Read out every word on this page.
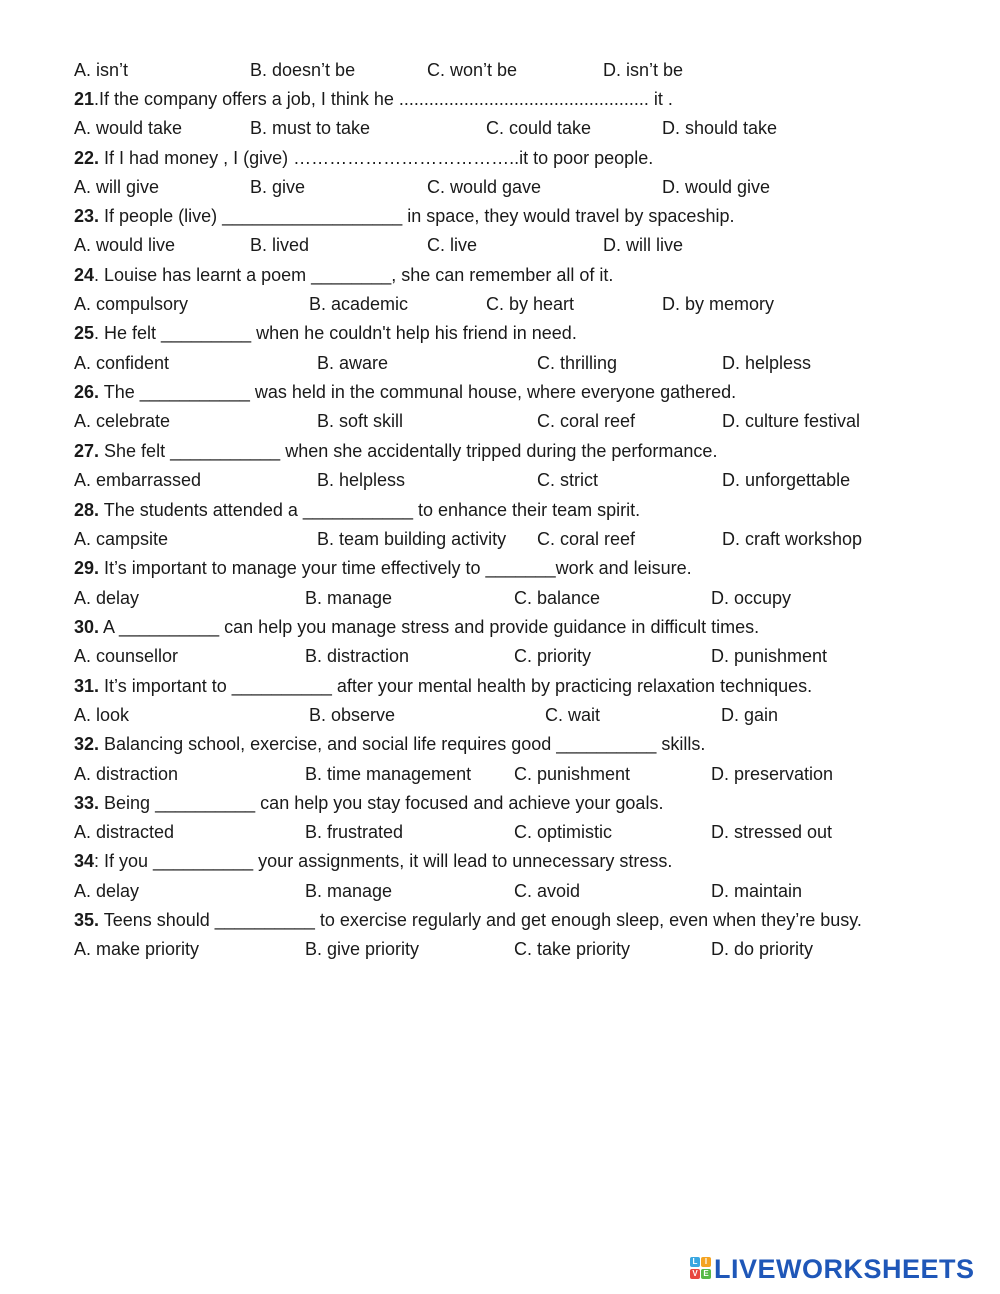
A. isn’t	B. doesn’t be	C. won’t be	D. isn’t be
21.If the company offers a job, I think he .................................................. it .
A. would take	B. must to take	C. could take	D. should take
22. If I had money , I (give) ………………………………..it to poor people.
A. will give	B. give	C. would gave	D. would give
23. If people (live) __________________ in space, they would travel by spaceship.
A. would live	B. lived	C. live	D. will live
24. Louise has learnt a poem ________, she can remember all of it.
A. compulsory	B. academic	C. by heart	D. by memory
25. He felt _________ when he couldn't help his friend in need.
A. confident	B. aware	C. thrilling	D. helpless
26. The ___________ was held in the communal house, where everyone gathered.
A. celebrate	B. soft skill	C. coral reef	D. culture festival
27. She felt ___________ when she accidentally tripped during the performance.
A. embarrassed	B. helpless	C. strict	D. unforgettable
28. The students attended a ___________ to enhance their team spirit.
A. campsite	B. team building activity C. coral reef	D. craft workshop
29. It’s important to manage your time effectively to _______work and leisure.
A. delay	B. manage	C. balance	D. occupy
30. A __________ can help you manage stress and provide guidance in difficult times.
A. counsellor	B. distraction	C. priority	D. punishment
31. It’s important to __________ after your mental health by practicing relaxation techniques.
A. look	B. observe	C. wait	D. gain
32. Balancing school, exercise, and social life requires good __________ skills.
A. distraction	B. time management C. punishment	D. preservation
33. Being __________ can help you stay focused and achieve your goals.
A. distracted	B. frustrated	C. optimistic	D. stressed out
34: If you __________ your assignments, it will lead to unnecessary stress.
A. delay	B. manage	C. avoid	D. maintain
35. Teens should __________ to exercise regularly and get enough sleep, even when they’re busy.
A. make priority	B. give priority	C. take priority	D. do priority
L I
V E LIVEWORKSHEETS
